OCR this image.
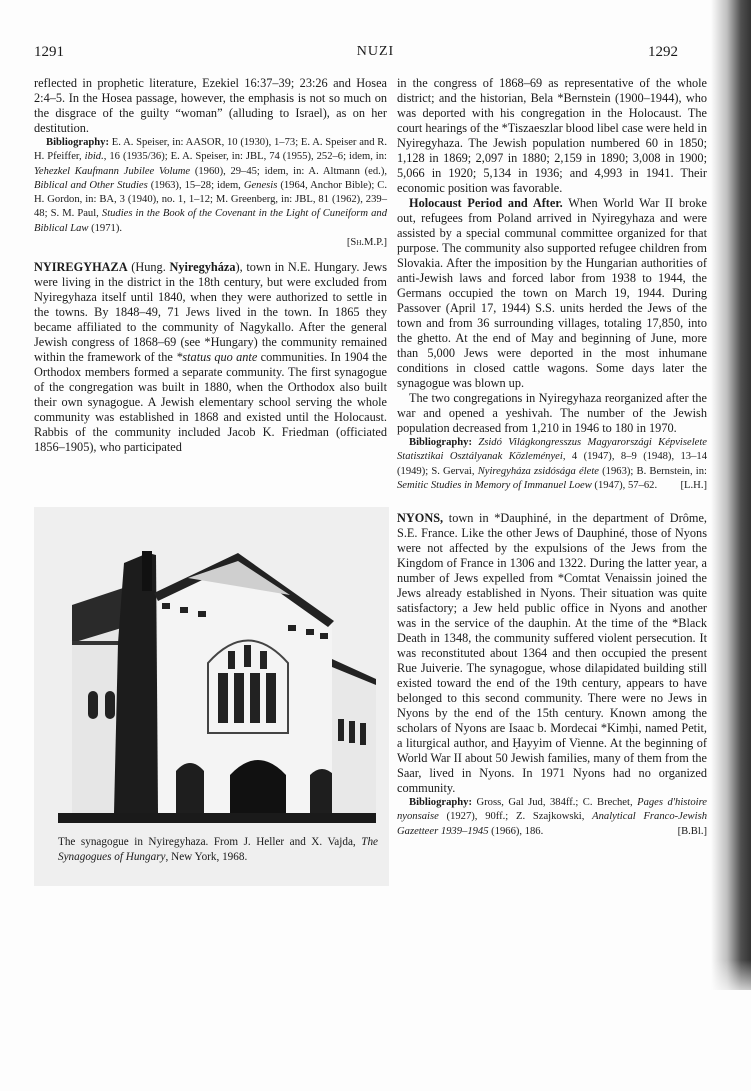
1291	NUZI	1292

reflected in prophetic literature, Ezekiel 16:37–39; 23:26 and Hosea 2:4–5. In the Hosea passage, however, the emphasis is not so much on the disgrace of the guilty “woman” (alluding to Israel), as on her destitution.

Bibliography: E. A. Speiser, in: AASOR, 10 (1930), 1–73; E. A. Speiser and R. H. Pfeiffer, ibid., 16 (1935/36); E. A. Speiser, in: JBL, 74 (1955), 252–6; idem, in: Yehezkel Kaufmann Jubilee Volume (1960), 29–45; idem, in: A. Altmann (ed.), Biblical and Other Studies (1963), 15–28; idem, Genesis (1964, Anchor Bible); C. H. Gordon, in: BA, 3 (1940), no. 1, 1–12; M. Greenberg, in: JBL, 81 (1962), 239–48; S. M. Paul, Studies in the Book of the Covenant in the Light of Cuneiform and Biblical Law (1971).
[Sh.M.P.]

NYIREGYHAZA (Hung. Nyiregyháza), town in N.E. Hungary. Jews were living in the district in the 18th century, but were excluded from Nyiregyhaza itself until 1840, when they were authorized to settle in the towns. By 1848–49, 71 Jews lived in the town. In 1865 they became affiliated to the community of Nagykallo. After the general Jewish congress of 1868–69 (see *Hungary) the community remained within the framework of the *status quo ante communities. In 1904 the Orthodox members formed a separate community. The first synagogue of the congregation was built in 1880, when the Orthodox also built their own synagogue. A Jewish elementary school serving the whole community was established in 1868 and existed until the Holocaust. Rabbis of the community included Jacob K. Friedman (officiated 1856–1905), who participated

The synagogue in Nyiregyhaza. From J. Heller and X. Vajda, The Synagogues of Hungary, New York, 1968.

in the congress of 1868–69 as representative of the whole district; and the historian, Bela *Bernstein (1900–1944), who was deported with his congregation in the Holocaust. The court hearings of the *Tiszaeszlar blood libel case were held in Nyiregyhaza. The Jewish population numbered 60 in 1850; 1,128 in 1869; 2,097 in 1880; 2,159 in 1890; 3,008 in 1900; 5,066 in 1920; 5,134 in 1936; and 4,993 in 1941. Their economic position was favorable.

Holocaust Period and After. When World War II broke out, refugees from Poland arrived in Nyiregyhaza and were assisted by a special communal committee organized for that purpose. The community also supported refugee children from Slovakia. After the imposition by the Hungarian authorities of anti-Jewish laws and forced labor from 1938 to 1944, the Germans occupied the town on March 19, 1944. During Passover (April 17, 1944) S.S. units herded the Jews of the town and from 36 surrounding villages, totaling 17,850, into the ghetto. At the end of May and beginning of June, more than 5,000 Jews were deported in the most inhumane conditions in closed cattle wagons. Some days later the synagogue was blown up.

The two congregations in Nyiregyhaza reorganized after the war and opened a yeshivah. The number of the Jewish population decreased from 1,210 in 1946 to 180 in 1970.

Bibliography: Zsidó Világkongresszus Magyarországi Képviselete Statisztikai Osztályanak Közleményei, 4 (1947), 8–9 (1948), 13–14 (1949); S. Gervai, Nyiregyháza zsidósága élete (1963); B. Bernstein, in: Semitic Studies in Memory of Immanuel Loew (1947), 57–62.	[L.H.]

NYONS, town in *Dauphiné, in the department of Drôme, S.E. France. Like the other Jews of Dauphiné, those of Nyons were not affected by the expulsions of the Jews from the Kingdom of France in 1306 and 1322. During the latter year, a number of Jews expelled from *Comtat Venaissin joined the Jews already established in Nyons. Their situation was quite satisfactory; a Jew held public office in Nyons and another was in the service of the dauphin. At the time of the *Black Death in 1348, the community suffered violent persecution. It was reconstituted about 1364 and then occupied the present Rue Juiverie. The synagogue, whose dilapidated building still existed toward the end of the 19th century, appears to have belonged to this second community. There were no Jews in Nyons by the end of the 15th century. Known among the scholars of Nyons are Isaac b. Mordecai *Kimḥi, named Petit, a liturgical author, and Ḥayyim of Vienne. At the beginning of World War II about 50 Jewish families, many of them from the Saar, lived in Nyons. In 1971 Nyons had no organized community.

Bibliography: Gross, Gal Jud, 384ff.; C. Brechet, Pages d'histoire nyonsaise (1927), 90ff.; Z. Szajkowski, Analytical Franco-Jewish Gazetteer 1939–1945 (1966), 186.	[B.Bl.]
